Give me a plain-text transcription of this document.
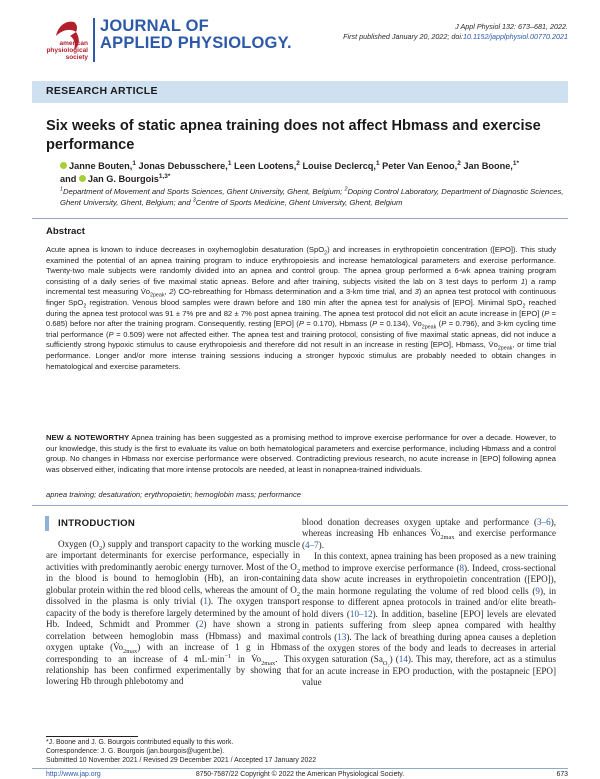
american physiological society
JOURNAL OF
APPLIED PHYSIOLOGY.
J Appl Physiol 132: 673–681, 2022.
First published January 20, 2022; doi:10.1152/japplphysiol.00770.2021
RESEARCH ARTICLE
Six weeks of static apnea training does not affect Hbmass and exercise performance
Janne Bouten,$^1$ Jonas Debusschere,$^1$ Leen Lootens,$^2$ Louise Declercq,$^1$ Peter Van Eenoo,$^2$ Jan Boone,$^{1*}$
and Jan G. Bourgois$^{1,3*}$
$^1$Department of Movement and Sports Sciences, Ghent University, Ghent, Belgium; $^2$Doping Control Laboratory, Department of Diagnostic Sciences, Ghent University, Ghent, Belgium; and $^3$Centre of Sports Medicine, Ghent University, Ghent, Belgium
Abstract
Acute apnea is known to induce decreases in oxyhemoglobin desaturation (SpO$_2$) and increases in erythropoietin concentration ([EPO]). This study examined the potential of an apnea training program to induce erythropoiesis and increase hematological parameters and exercise performance. Twenty-two male subjects were randomly divided into an apnea and control group. The apnea group performed a 6-wk apnea training program consisting of a daily series of five maximal static apneas. Before and after training, subjects visited the lab on 3 test days to perform 1) a ramp incremental test measuring $V̇o_{2peak}$, 2) CO-rebreathing for Hbmass determination and a 3-km time trial, and 3) an apnea test protocol with continuous finger SpO$_2$ registration. Venous blood samples were drawn before and 180 min after the apnea test for analysis of [EPO]. Minimal SpO$_2$ reached during the apnea test protocol was 91 ± 7% pre and 82 ± 7% post apnea training. The apnea test protocol did not elicit an acute increase in [EPO] (P = 0.685) before nor after the training program. Consequently, resting [EPO] (P = 0.170), Hbmass (P = 0.134), $V̇o_{2peak}$ (P = 0.796), and 3-km cycling time trial performance (P = 0.509) were not affected either. The apnea test and training protocol, consisting of five maximal static apneas, did not induce a sufficiently strong hypoxic stimulus to cause erythropoiesis and therefore did not result in an increase in resting [EPO], Hbmass, $V̇o_{2peak}$, or time trial performance. Longer and/or more intense training sessions inducing a stronger hypoxic stimulus are probably needed to obtain changes in hematological and exercise parameters.
NEW & NOTEWORTHY Apnea training has been suggested as a promising method to improve exercise performance for over a decade. However, to our knowledge, this study is the first to evaluate its value on both hematological parameters and exercise performance, including Hbmass and a control group. No changes in Hbmass nor exercise performance were observed. Contradicting previous research, no acute increase in [EPO] following apnea was observed either, indicating that more intense protocols are needed, at least in nonapnea-trained individuals.
apnea training; desaturation; erythropoietin; hemoglobin mass; performance
INTRODUCTION

Oxygen $(O_2)$ supply and transport capacity to the working muscle are important determinants for exercise performance, especially in activities with predominantly aerobic energy turnover. Most of the $O_2$ in the blood is bound to hemoglobin (Hb), an iron-containing globular protein within the red blood cells, whereas the amount of $O_2$ dissolved in the plasma is only trivial (1). The oxygen transport capacity of the body is therefore largely determined by the amount of Hb. Indeed, Schmidt and Prommer (2) have shown a strong correlation between hemoglobin mass (Hbmass) and maximal oxygen uptake $(V̇o_{2max})$ with an increase of 1 g in Hbmass corresponding to an increase of 4 $mL\cdot\min^{-1}$ in $V̇o_{2max}$. This relationship has been confirmed experimentally by showing that lowering Hb through phlebotomy and

blood donation decreases oxygen uptake and performance (3–6), whereas increasing Hb enhances $V̇o_{2max}$ and exercise performance (4–7).

In this context, apnea training has been proposed as a new training method to improve exercise performance (8). Indeed, cross-sectional data show acute increases in erythropoietin concentration ([EPO]), the main hormone regulating the volume of red blood cells (9), in response to different apnea protocols in trained and/or elite breath-hold divers (10–12). In addition, baseline [EPO] levels are elevated in patients suffering from sleep apnea compared with healthy controls (13). The lack of breathing during apnea causes a depletion of the oxygen stores of the body and leads to decreases in arterial oxygen saturation $(Sa_{O_2})$ (14). This may, therefore, act as a stimulus for an acute increase in EPO production, with the postapneic [EPO] value

*J. Boone and J. G. Bourgois contributed equally to this work.
Correspondence: J. G. Bourgois (jan.bourgois@ugent.be).
Submitted 10 November 2021 / Revised 29 December 2021 / Accepted 17 January 2022
http://www.jap.org	8750-7587/22 Copyright © 2022 the American Physiological Society.	673
